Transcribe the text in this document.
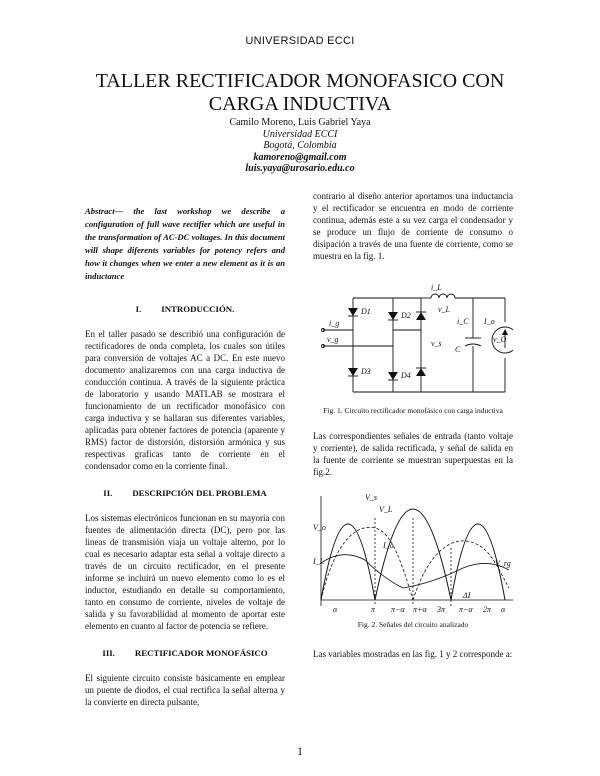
UNIVERSIDAD ECCI
TALLER RECTIFICADOR MONOFASICO CON CARGA INDUCTIVA
Camilo Moreno, Luis Gabriel Yaya
Universidad ECCI
Bogotá, Colombia
kamoreno@gmail.com
luis.yaya@urosario.edu.co

Abstract— the last workshop we describe a configuration of full wave rectifier which are useful in the transformation of AC-DC voltages. In this document will shape diferents variables for potency refers and how it changes when we enter a new element as it is an inductance

I. INTRODUCCIÓN.

En el taller pasado se describió una configuración de rectificadores de onda completa, los cuales son útiles para conversión de voltajes AC a DC. En este nuevo documento analizaremos con una carga inductiva de conducción continua. A través de la siguiente práctica de laboratorio y usando MATLAB se mostrara el funcionamiento de un rectificador monofásico con carga inductiva y se hallaran sus diferentes variables, aplicadas para obtener factores de potencia (aparente y RMS) factor de distorsión, distorsión armónica y sus respectivas graficas tanto de corriente en el condensador como en la corriente final.

II. DESCRIPCIÓN DEL PROBLEMA

Los sistemas electrónicos funcionan en su mayoria con fuentes de alimentación directa (DC), pero por las lineas de transmisión viaja un voltaje alterno, por lo cual es necesario adaptar esta señal a voltaje directo a través de un circuito rectificador, en el presente informe se incluirá un nuevo elemento como lo es el inductor, estudiando en detalle su comportamiento, tanto en consumo de corriente, niveles de voltaje de salida y su favorabilidad al momento de aportar este elemento en cuanto al factor de potencia se refiere.

III. RECTIFICADOR MONOFÁSICO

El siguiente circuito consiste básicamente en emplear un puente de diodos, el cual rectifica la señal alterna y la convierte en directa pulsante,

contrario al diseño anterior aportamos una inductancia y el rectificador se encuentra en modo de corriente continua, además este a su vez carga el condensador y se produce un flujo de corriente de consumo o disipación a través de una fuente de corriente, como se muestra en la fig. 1.

i_g
v_g
D1	D2
D3	D4
i_L
v_L
v_s
i_C
C
I_o
v_O
Fig. 1. Circuito rectificador monofásico con carga inductiva

Las correspondientes señales de entrada (tanto voltaje y corriente), de salida rectificada, y señal de salida en la fuente de corriente se muestran superpuestas en la fig.2.

V_s
V_o
I_L
V_L
I_o
ΔI
V_rg
α	π π−α π+α 3π π−α 2π α
Fig. 2. Señales del circuito analizado

Las variables mostradas en las fig. 1 y 2 corresponde a:

1
